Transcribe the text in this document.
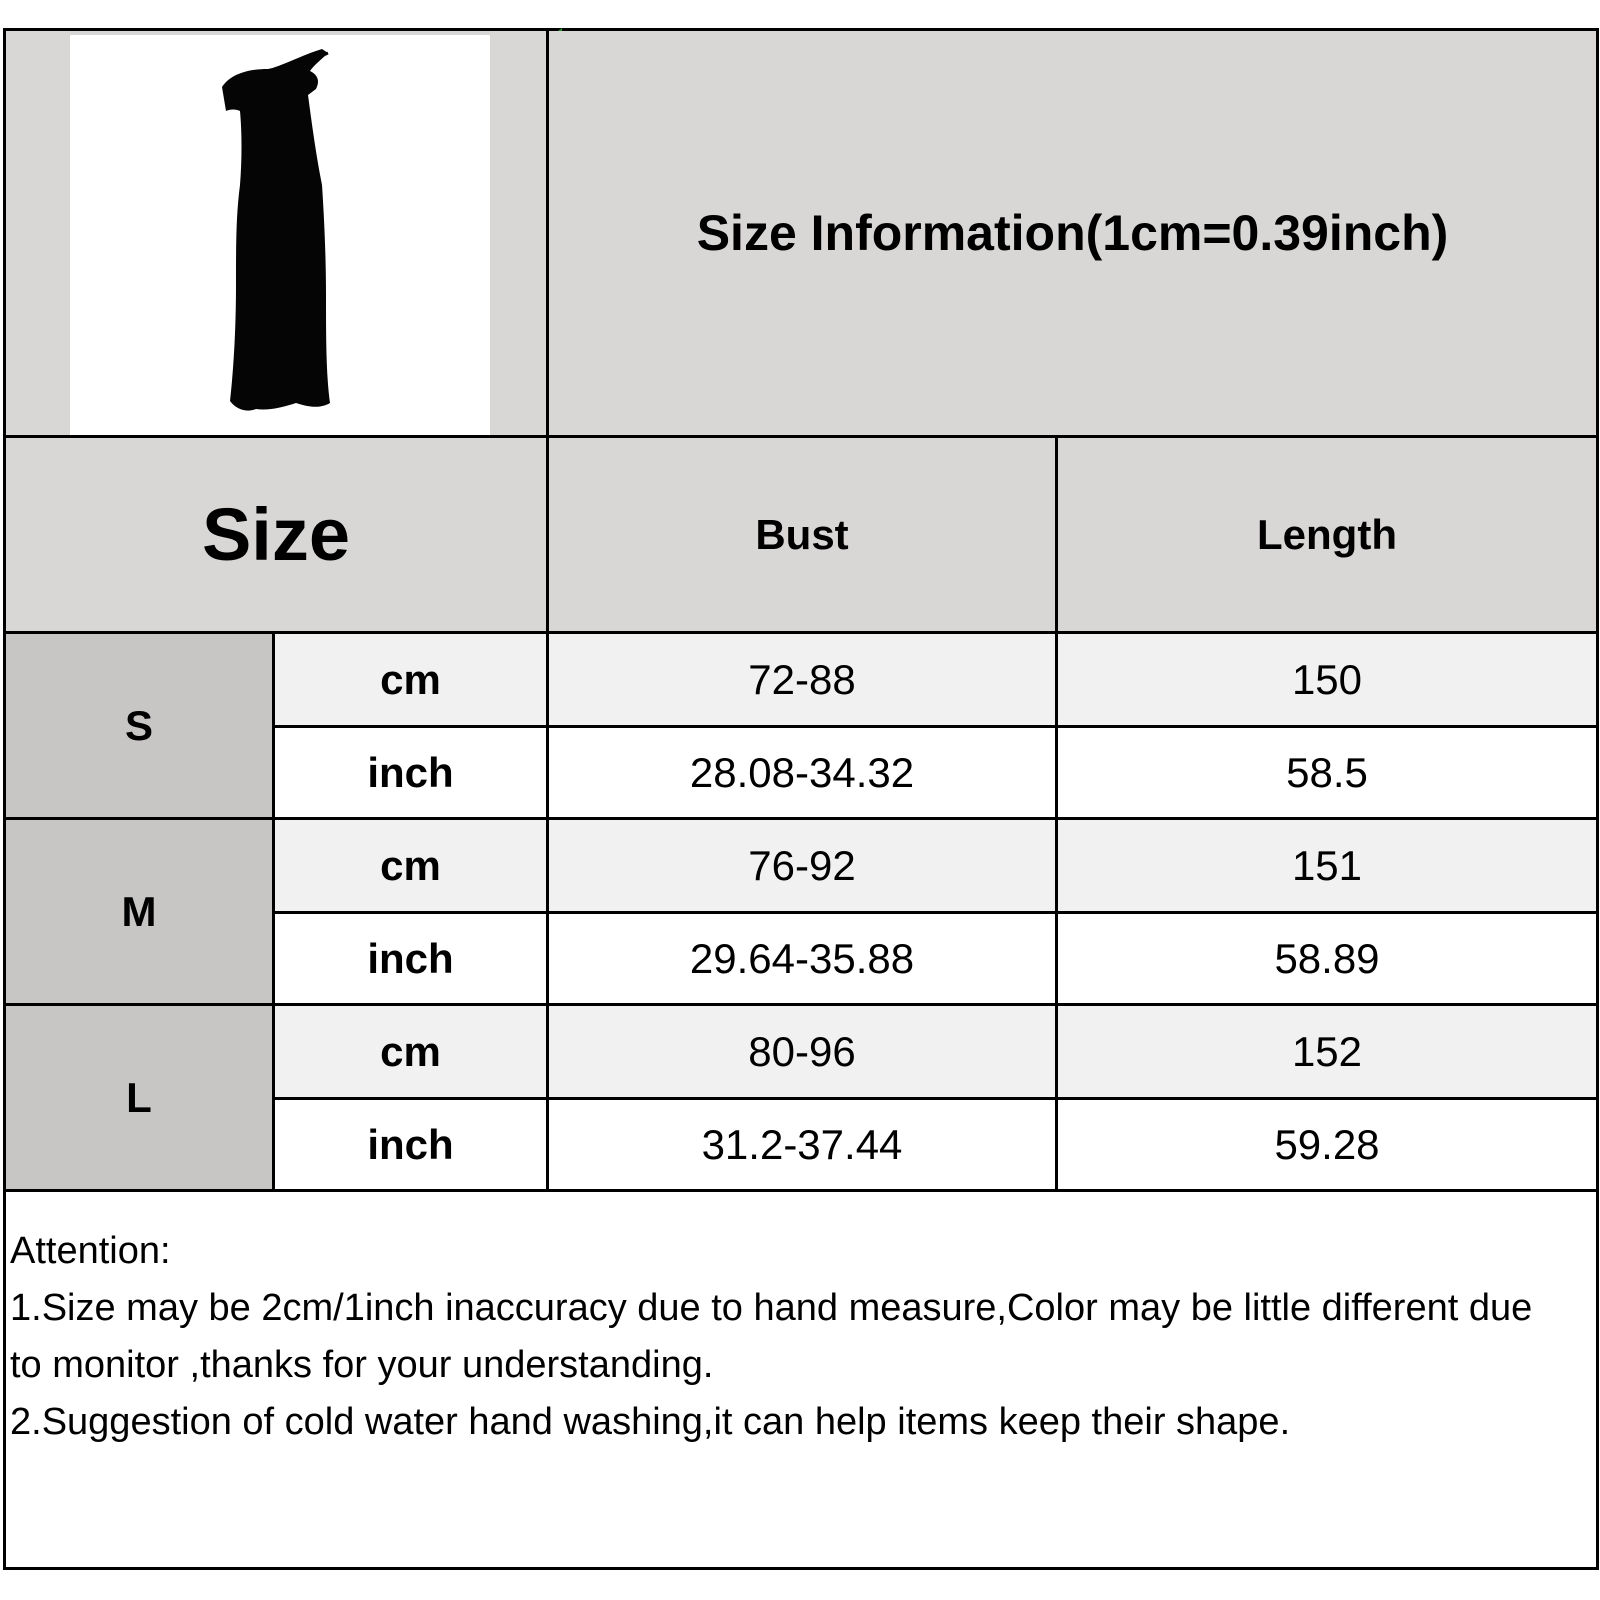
Size Information(1cm=0.39inch)
Size	Bust	Length
S
cm	72-88	150
inch	28.08-34.32	58.5
M
cm	76-92	151
inch	29.64-35.88	58.89
L
cm	80-96	152
inch	31.2-37.44	59.28
Attention:
1.Size may be 2cm/1inch inaccuracy due to hand measure,Color may be little different due to monitor ,thanks for your understanding.
2.Suggestion of cold water hand washing,it can help items keep their shape.
